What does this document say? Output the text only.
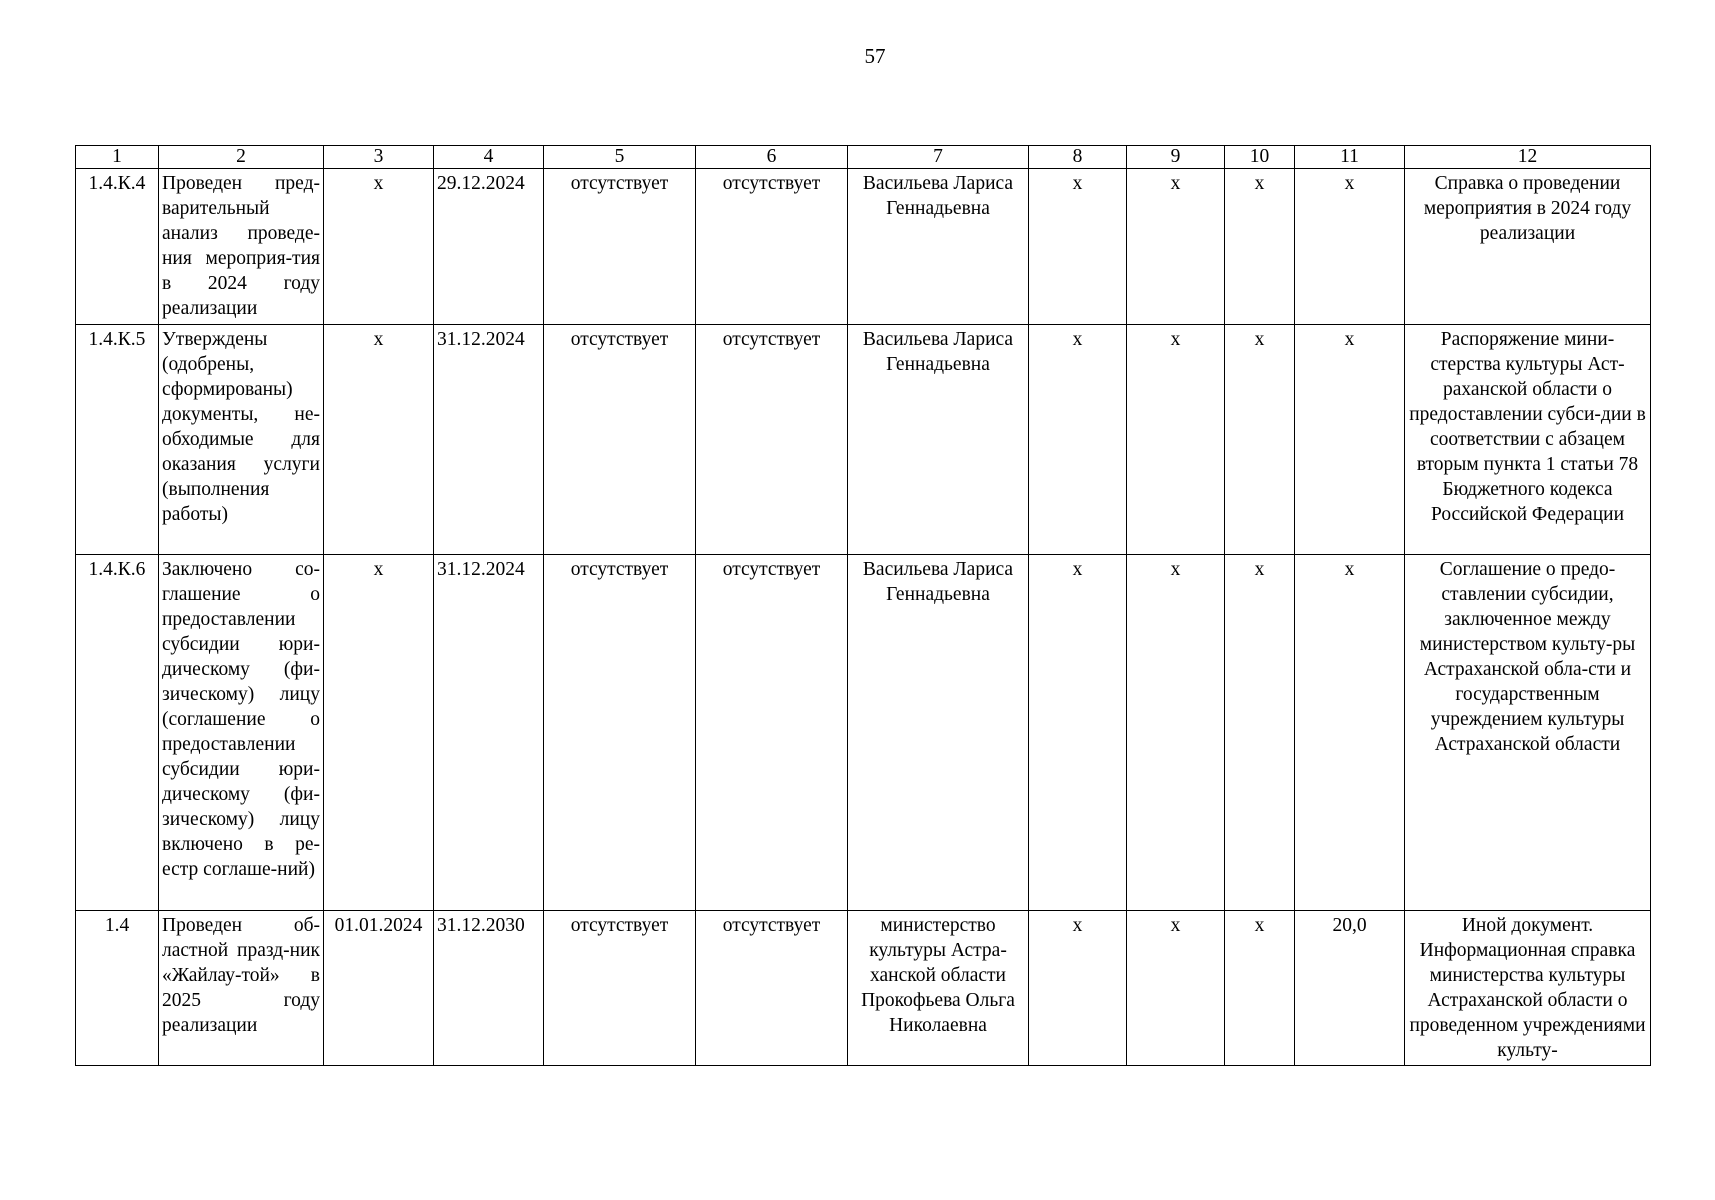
57
1	2	3	4	5	6	7	8	9	10	11	12
1.4.К.4	Проведен пред-варительный анализ проведе-ния мероприя-тия в 2024 году реализации	x	29.12.2024	отсутствует	отсутствует	Васильева Лариса Геннадьевна	x	x	x	x	Справка о проведении мероприятия в 2024 году реализации
1.4.К.5	Утверждены (одобрены, сформированы) документы, не-обходимые для оказания услуги (выполнения работы)	x	31.12.2024	отсутствует	отсутствует	Васильева Лариса Геннадьевна	x	x	x	x	Распоряжение мини-стерства культуры Аст-раханской области о предоставлении субси-дии в соответствии с абзацем вторым пункта 1 статьи 78 Бюджетного кодекса Российской Федерации
1.4.К.6	Заключено со-глашение о предоставлении субсидии юри-дическому (фи-зическому) лицу (соглашение о предоставлении субсидии юри-дическому (фи-зическому) лицу включено в ре-естр соглаше-ний)	x	31.12.2024	отсутствует	отсутствует	Васильева Лариса Геннадьевна	x	x	x	x	Соглашение о предо-ставлении субсидии, заключенное между министерством культу-ры Астраханской обла-сти и государственным учреждением культуры Астраханской области
1.4	Проведен об-ластной празд-ник «Жайлау-той» в 2025 году реализации	01.01.2024	31.12.2030	отсутствует	отсутствует	министерство культуры Астра-ханской области Прокофьева Ольга Николаевна	x	x	x	20,0	Иной документ. Информационная справка министерства культуры Астраханской области о проведенном учреждениями культу-
